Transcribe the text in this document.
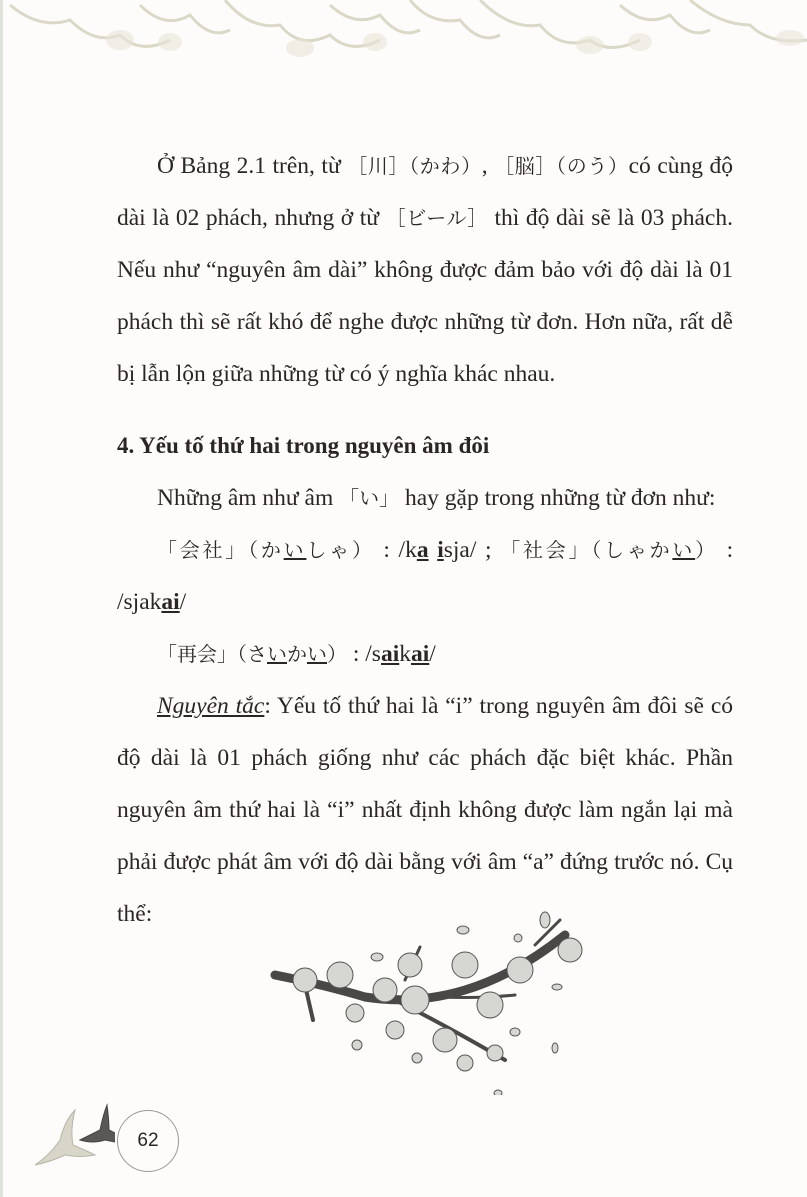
Ở Bảng 2.1 trên, từ ［川］（かわ）, ［脳］（のう）có cùng độ dài là 02 phách, nhưng ở từ ［ビール］ thì độ dài sẽ là 03 phách. Nếu như “nguyên âm dài” không được đảm bảo với độ dài là 01 phách thì sẽ rất khó để nghe được những từ đơn. Hơn nữa, rất dễ bị lẫn lộn giữa những từ có ý nghĩa khác nhau.

4. Yếu tố thứ hai trong nguyên âm đôi

Những âm như âm 「い」 hay gặp trong những từ đơn như:

「会社」（かいしゃ） : /ka isja/ ; 「社会」（しゃかい） : /sjakai/

「再会」（さいかい） : /saikai/

Nguyên tắc: Yếu tố thứ hai là “i” trong nguyên âm đôi sẽ có độ dài là 01 phách giống như các phách đặc biệt khác. Phần nguyên âm thứ hai là “i” nhất định không được làm ngắn lại mà phải được phát âm với độ dài bằng với âm “a” đứng trước nó. Cụ thể:

62
